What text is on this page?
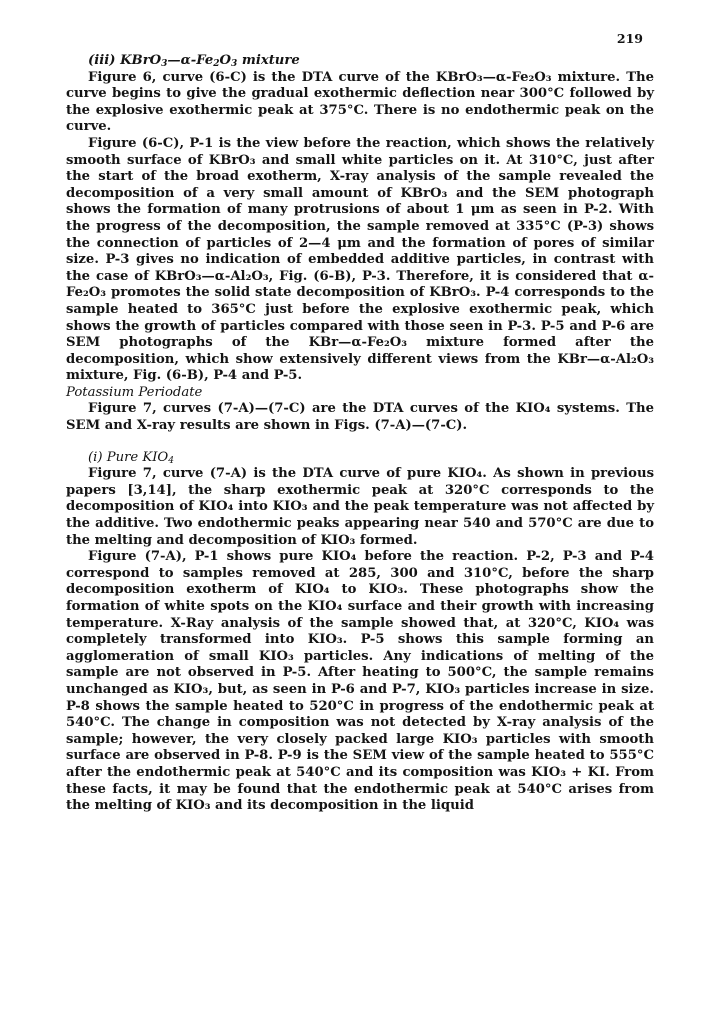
219

(iii) $KBrO_3—\alpha-Fe_2O_3$ mixture

Figure 6, curve (6-C) is the DTA curve of the KBrO₃—α-Fe₂O₃ mixture. The curve begins to give the gradual exothermic deflection near 300°C followed by the explosive exothermic peak at 375°C. There is no endothermic peak on the curve.

Figure (6-C), P-1 is the view before the reaction, which shows the relatively smooth surface of KBrO₃ and small white particles on it. At 310°C, just after the start of the broad exotherm, X-ray analysis of the sample revealed the decomposition of a very small amount of KBrO₃ and the SEM photograph shows the formation of many protrusions of about 1 μm as seen in P-2. With the progress of the decomposition, the sample removed at 335°C (P-3) shows the connection of particles of 2—4 μm and the formation of pores of similar size. P-3 gives no indication of embedded additive particles, in contrast with the case of KBrO₃—α-Al₂O₃, Fig. (6-B), P-3. Therefore, it is considered that α-Fe₂O₃ promotes the solid state decomposition of KBrO₃. P-4 corresponds to the sample heated to 365°C just before the explosive exothermic peak, which shows the growth of particles compared with those seen in P-3. P-5 and P-6 are SEM photographs of the KBr—α-Fe₂O₃ mixture formed after the decomposition, which show extensively different views from the KBr—α-Al₂O₃ mixture, Fig. (6-B), P-4 and P-5.

Potassium Periodate

Figure 7, curves (7-A)—(7-C) are the DTA curves of the KIO₄ systems. The SEM and X-ray results are shown in Figs. (7-A)—(7-C).

(i) Pure $KIO_4$

Figure 7, curve (7-A) is the DTA curve of pure KIO₄. As shown in previous papers [3,14], the sharp exothermic peak at 320°C corresponds to the decomposition of KIO₄ into KIO₃ and the peak temperature was not affected by the additive. Two endothermic peaks appearing near 540 and 570°C are due to the melting and decomposition of KIO₃ formed.

Figure (7-A), P-1 shows pure KIO₄ before the reaction. P-2, P-3 and P-4 correspond to samples removed at 285, 300 and 310°C, before the sharp decomposition exotherm of KIO₄ to KIO₃. These photographs show the formation of white spots on the KIO₄ surface and their growth with increasing temperature. X-Ray analysis of the sample showed that, at 320°C, KIO₄ was completely transformed into KIO₃. P-5 shows this sample forming an agglomeration of small KIO₃ particles. Any indications of melting of the sample are not observed in P-5. After heating to 500°C, the sample remains unchanged as KIO₃, but, as seen in P-6 and P-7, KIO₃ particles increase in size. P-8 shows the sample heated to 520°C in progress of the endothermic peak at 540°C. The change in composition was not detected by X-ray analysis of the sample; however, the very closely packed large KIO₃ particles with smooth surface are observed in P-8. P-9 is the SEM view of the sample heated to 555°C after the endothermic peak at 540°C and its composition was KIO₃ + KI. From these facts, it may be found that the endothermic peak at 540°C arises from the melting of KIO₃ and its decomposition in the liquid
